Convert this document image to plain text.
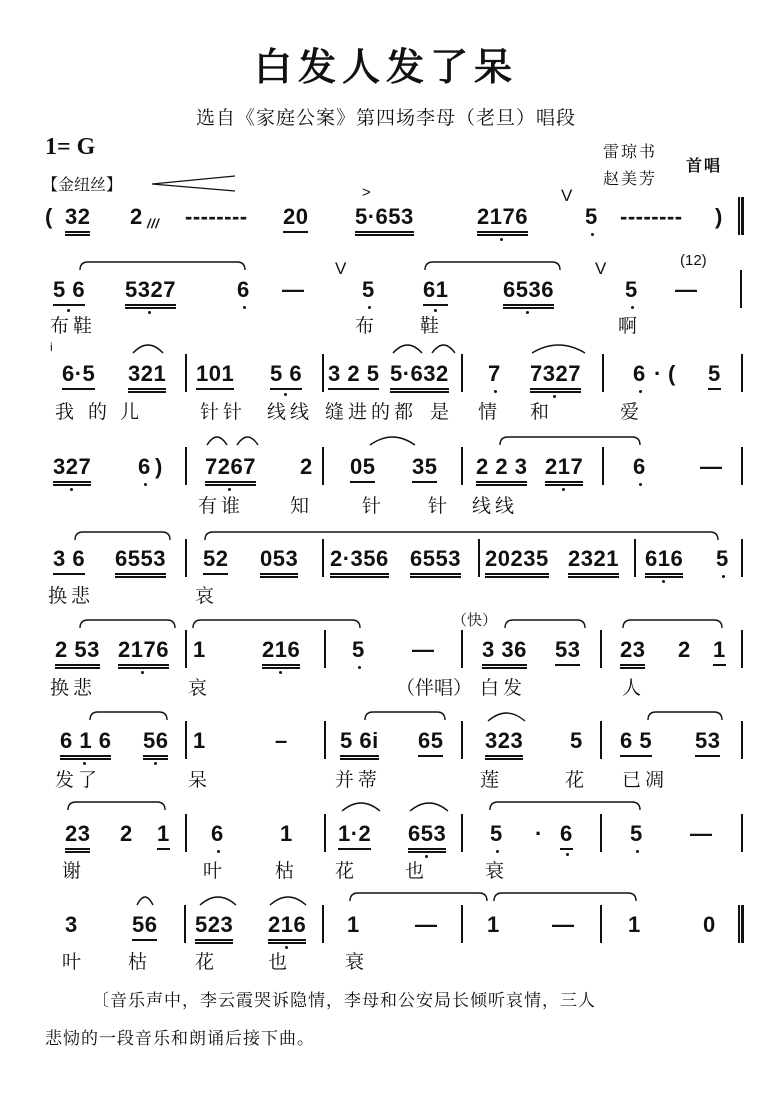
白发人发了呆
选自《家庭公案》第四场李母（老旦）唱段
1= G
【金纽丝】
雷琼书
赵美芳
首唱
( 32 2 /// -------- 20 5·653	2176
V
5 -------- )
>
5 6 5327	6 —
V
5 61 6536
V
5 —
布鞋	布 鞋	啊
(12)
6·5 321 101 5 6 3 2 5 5·632 7 7327 6 · ( 5
我 的 儿	针针 线线 缝进的都 是 情 和	爱
i
327 6 ) 7267 2 05 35 2 2 3 217 6 —
有谁 知	针 针 线线
3 6 6553 52 053 2·356 6553 20235 2321 616 5
换悲	哀
2 53 2176 1	216 5 — 3 36 53 23 2 1
换悲	哀	（伴唱） 白发	人
（快）
6 1 6 56 1	– 5 6i 65 323 5 6 5 53
发了	呆	并蒂	莲	花 已凋
23 2 1 6	1 1·2 653 5 · 6	5 —
谢	叶	枯 花 也	衰
3 56 523 216 1	— 1 — 1	0
叶 枯 花	也	衰
〔音乐声中，李云霞哭诉隐情，李母和公安局长倾听哀情，三人
悲恸的一段音乐和朗诵后接下曲。
